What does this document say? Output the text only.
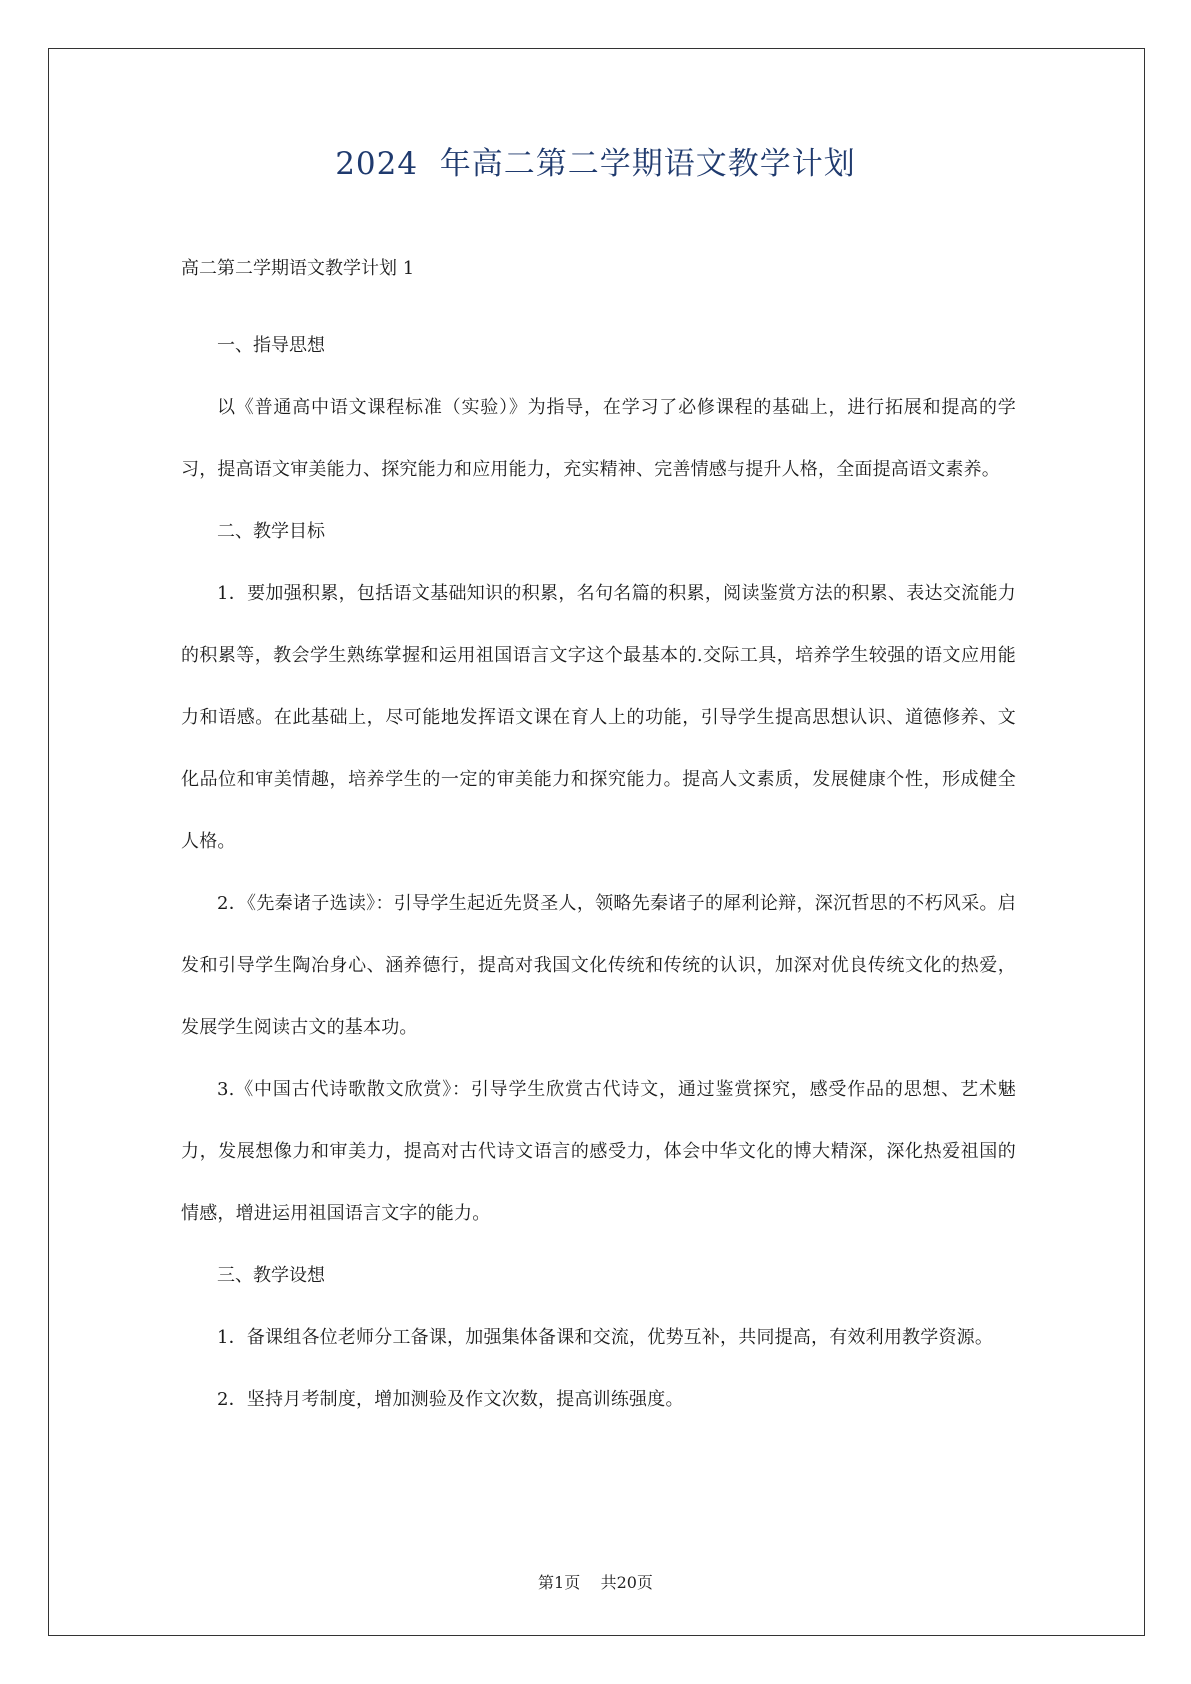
2024  年高二第二学期语文教学计划

高二第二学期语文教学计划 1

一、指导思想

以《普通高中语文课程标准（实验）》为指导，在学习了必修课程的基础上，进行拓展和提高的学习，提高语文审美能力、探究能力和应用能力，充实精神、完善情感与提升人格，全面提高语文素养。

二、教学目标

1．要加强积累，包括语文基础知识的积累，名句名篇的积累，阅读鉴赏方法的积累、表达交流能力的积累等，教会学生熟练掌握和运用祖国语言文字这个最基本的.交际工具，培养学生较强的语文应用能力和语感。在此基础上，尽可能地发挥语文课在育人上的功能，引导学生提高思想认识、道德修养、文化品位和审美情趣，培养学生的一定的审美能力和探究能力。提高人文素质，发展健康个性，形成健全人格。

2．《先秦诸子选读》：引导学生起近先贤圣人，领略先秦诸子的犀利论辩，深沉哲思的不朽风采。启发和引导学生陶冶身心、涵养德行，提高对我国文化传统和传统的认识，加深对优良传统文化的热爱，发展学生阅读古文的基本功。

3.《中国古代诗歌散文欣赏》：引导学生欣赏古代诗文，通过鉴赏探究，感受作品的思想、艺术魅力，发展想像力和审美力，提高对古代诗文语言的感受力，体会中华文化的博大精深，深化热爱祖国的情感，增进运用祖国语言文字的能力。

三、教学设想

1．备课组各位老师分工备课，加强集体备课和交流，优势互补，共同提高，有效利用教学资源。

2．坚持月考制度，增加测验及作文次数，提高训练强度。

第1页    共20页
